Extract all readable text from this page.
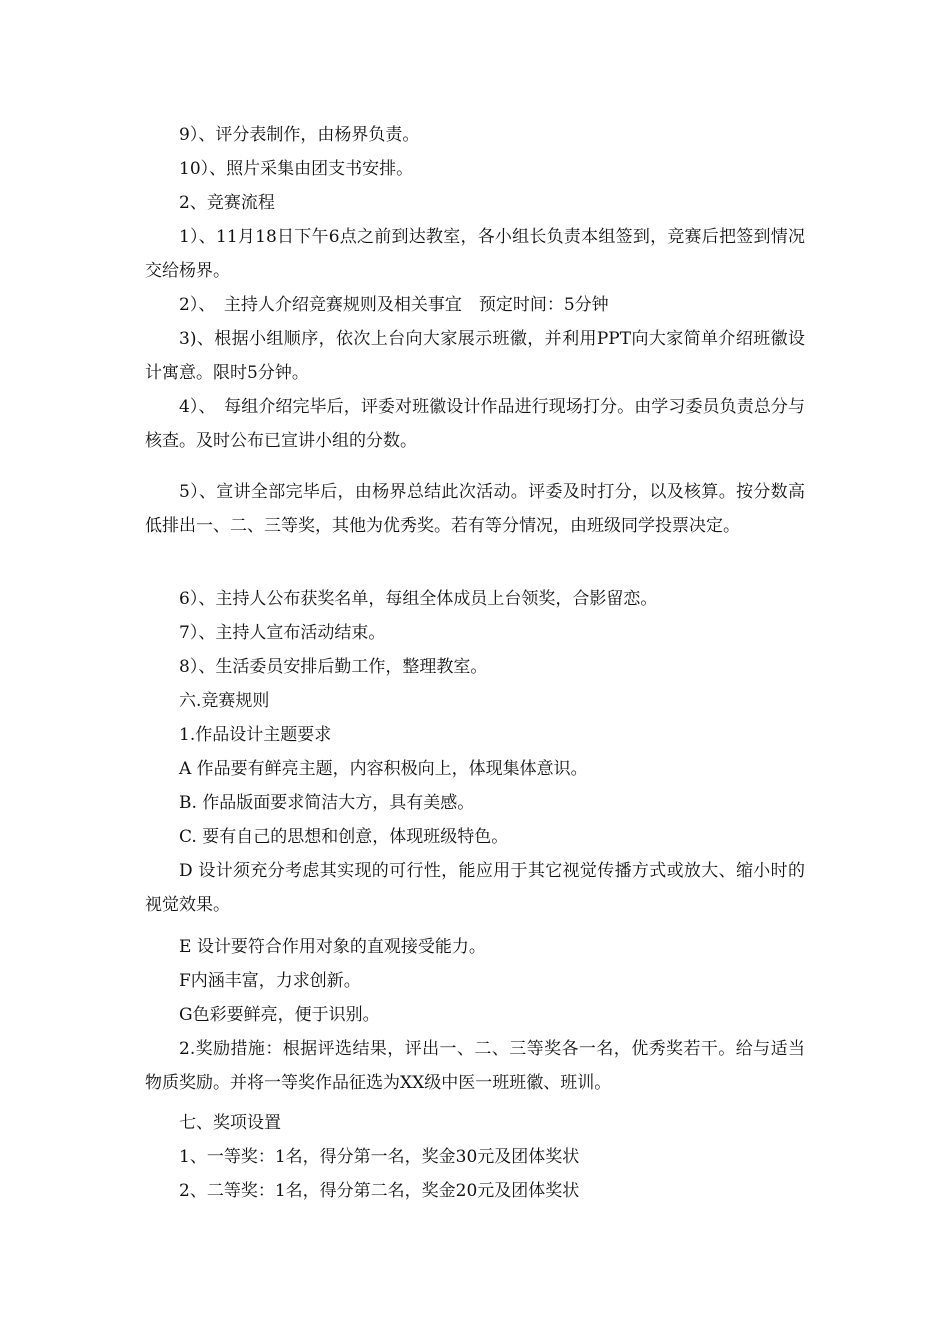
9）、评分表制作，由杨界负责。

10）、照片采集由团支书安排。

2、竞赛流程

1）、11月18日下午6点之前到达教室，各小组长负责本组签到，竞赛后把签到情况交给杨界。

2）、　主持人介绍竞赛规则及相关事宜　预定时间：5分钟

3)、根据小组顺序，依次上台向大家展示班徽，并利用PPT向大家简单介绍班徽设计寓意。限时5分钟。

4）、　每组介绍完毕后，评委对班徽设计作品进行现场打分。由学习委员负责总分与核查。及时公布已宣讲小组的分数。

5）、宣讲全部完毕后，由杨界总结此次活动。评委及时打分，以及核算。按分数高低排出一、二、三等奖，其他为优秀奖。若有等分情况，由班级同学投票决定。

6）、主持人公布获奖名单，每组全体成员上台领奖，合影留恋。

7）、主持人宣布活动结束。

8）、生活委员安排后勤工作，整理教室。

六.竞赛规则

1.作品设计主题要求

A 作品要有鲜亮主题，内容积极向上，体现集体意识。

B. 作品版面要求简洁大方，具有美感。

C. 要有自己的思想和创意，体现班级特色。

D 设计须充分考虑其实现的可行性，能应用于其它视觉传播方式或放大、缩小时的视觉效果。

E 设计要符合作用对象的直观接受能力。

F内涵丰富，力求创新。

G色彩要鲜亮，便于识别。

2.奖励措施：根据评选结果，评出一、二、三等奖各一名，优秀奖若干。给与适当物质奖励。并将一等奖作品征选为XX级中医一班班徽、班训。

七、奖项设置

1、一等奖：1名，得分第一名，奖金30元及团体奖状

2、二等奖：1名，得分第二名，奖金20元及团体奖状
